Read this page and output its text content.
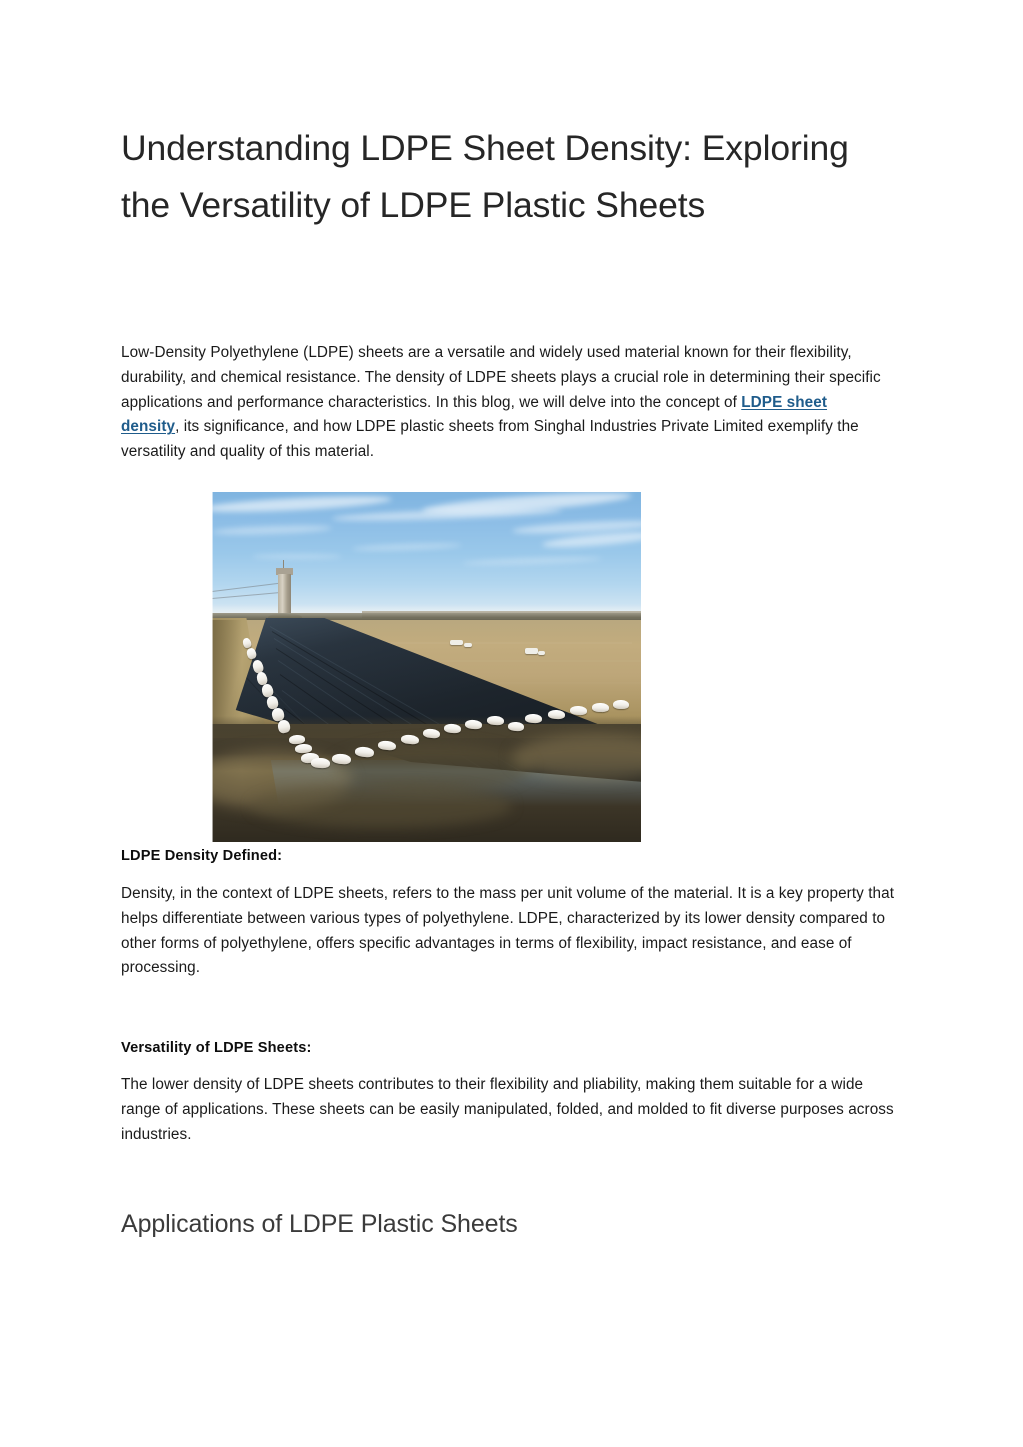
Understanding LDPE Sheet Density: Exploring the Versatility of LDPE Plastic Sheets

Low-Density Polyethylene (LDPE) sheets are a versatile and widely used material known for their flexibility, durability, and chemical resistance. The density of LDPE sheets plays a crucial role in determining their specific applications and performance characteristics. In this blog, we will delve into the concept of LDPE sheet density, its significance, and how LDPE plastic sheets from Singhal Industries Private Limited exemplify the versatility and quality of this material.

LDPE Density Defined:

Density, in the context of LDPE sheets, refers to the mass per unit volume of the material. It is a key property that helps differentiate between various types of polyethylene. LDPE, characterized by its lower density compared to other forms of polyethylene, offers specific advantages in terms of flexibility, impact resistance, and ease of processing.

Versatility of LDPE Sheets:

The lower density of LDPE sheets contributes to their flexibility and pliability, making them suitable for a wide range of applications. These sheets can be easily manipulated, folded, and molded to fit diverse purposes across industries.

Applications of LDPE Plastic Sheets
